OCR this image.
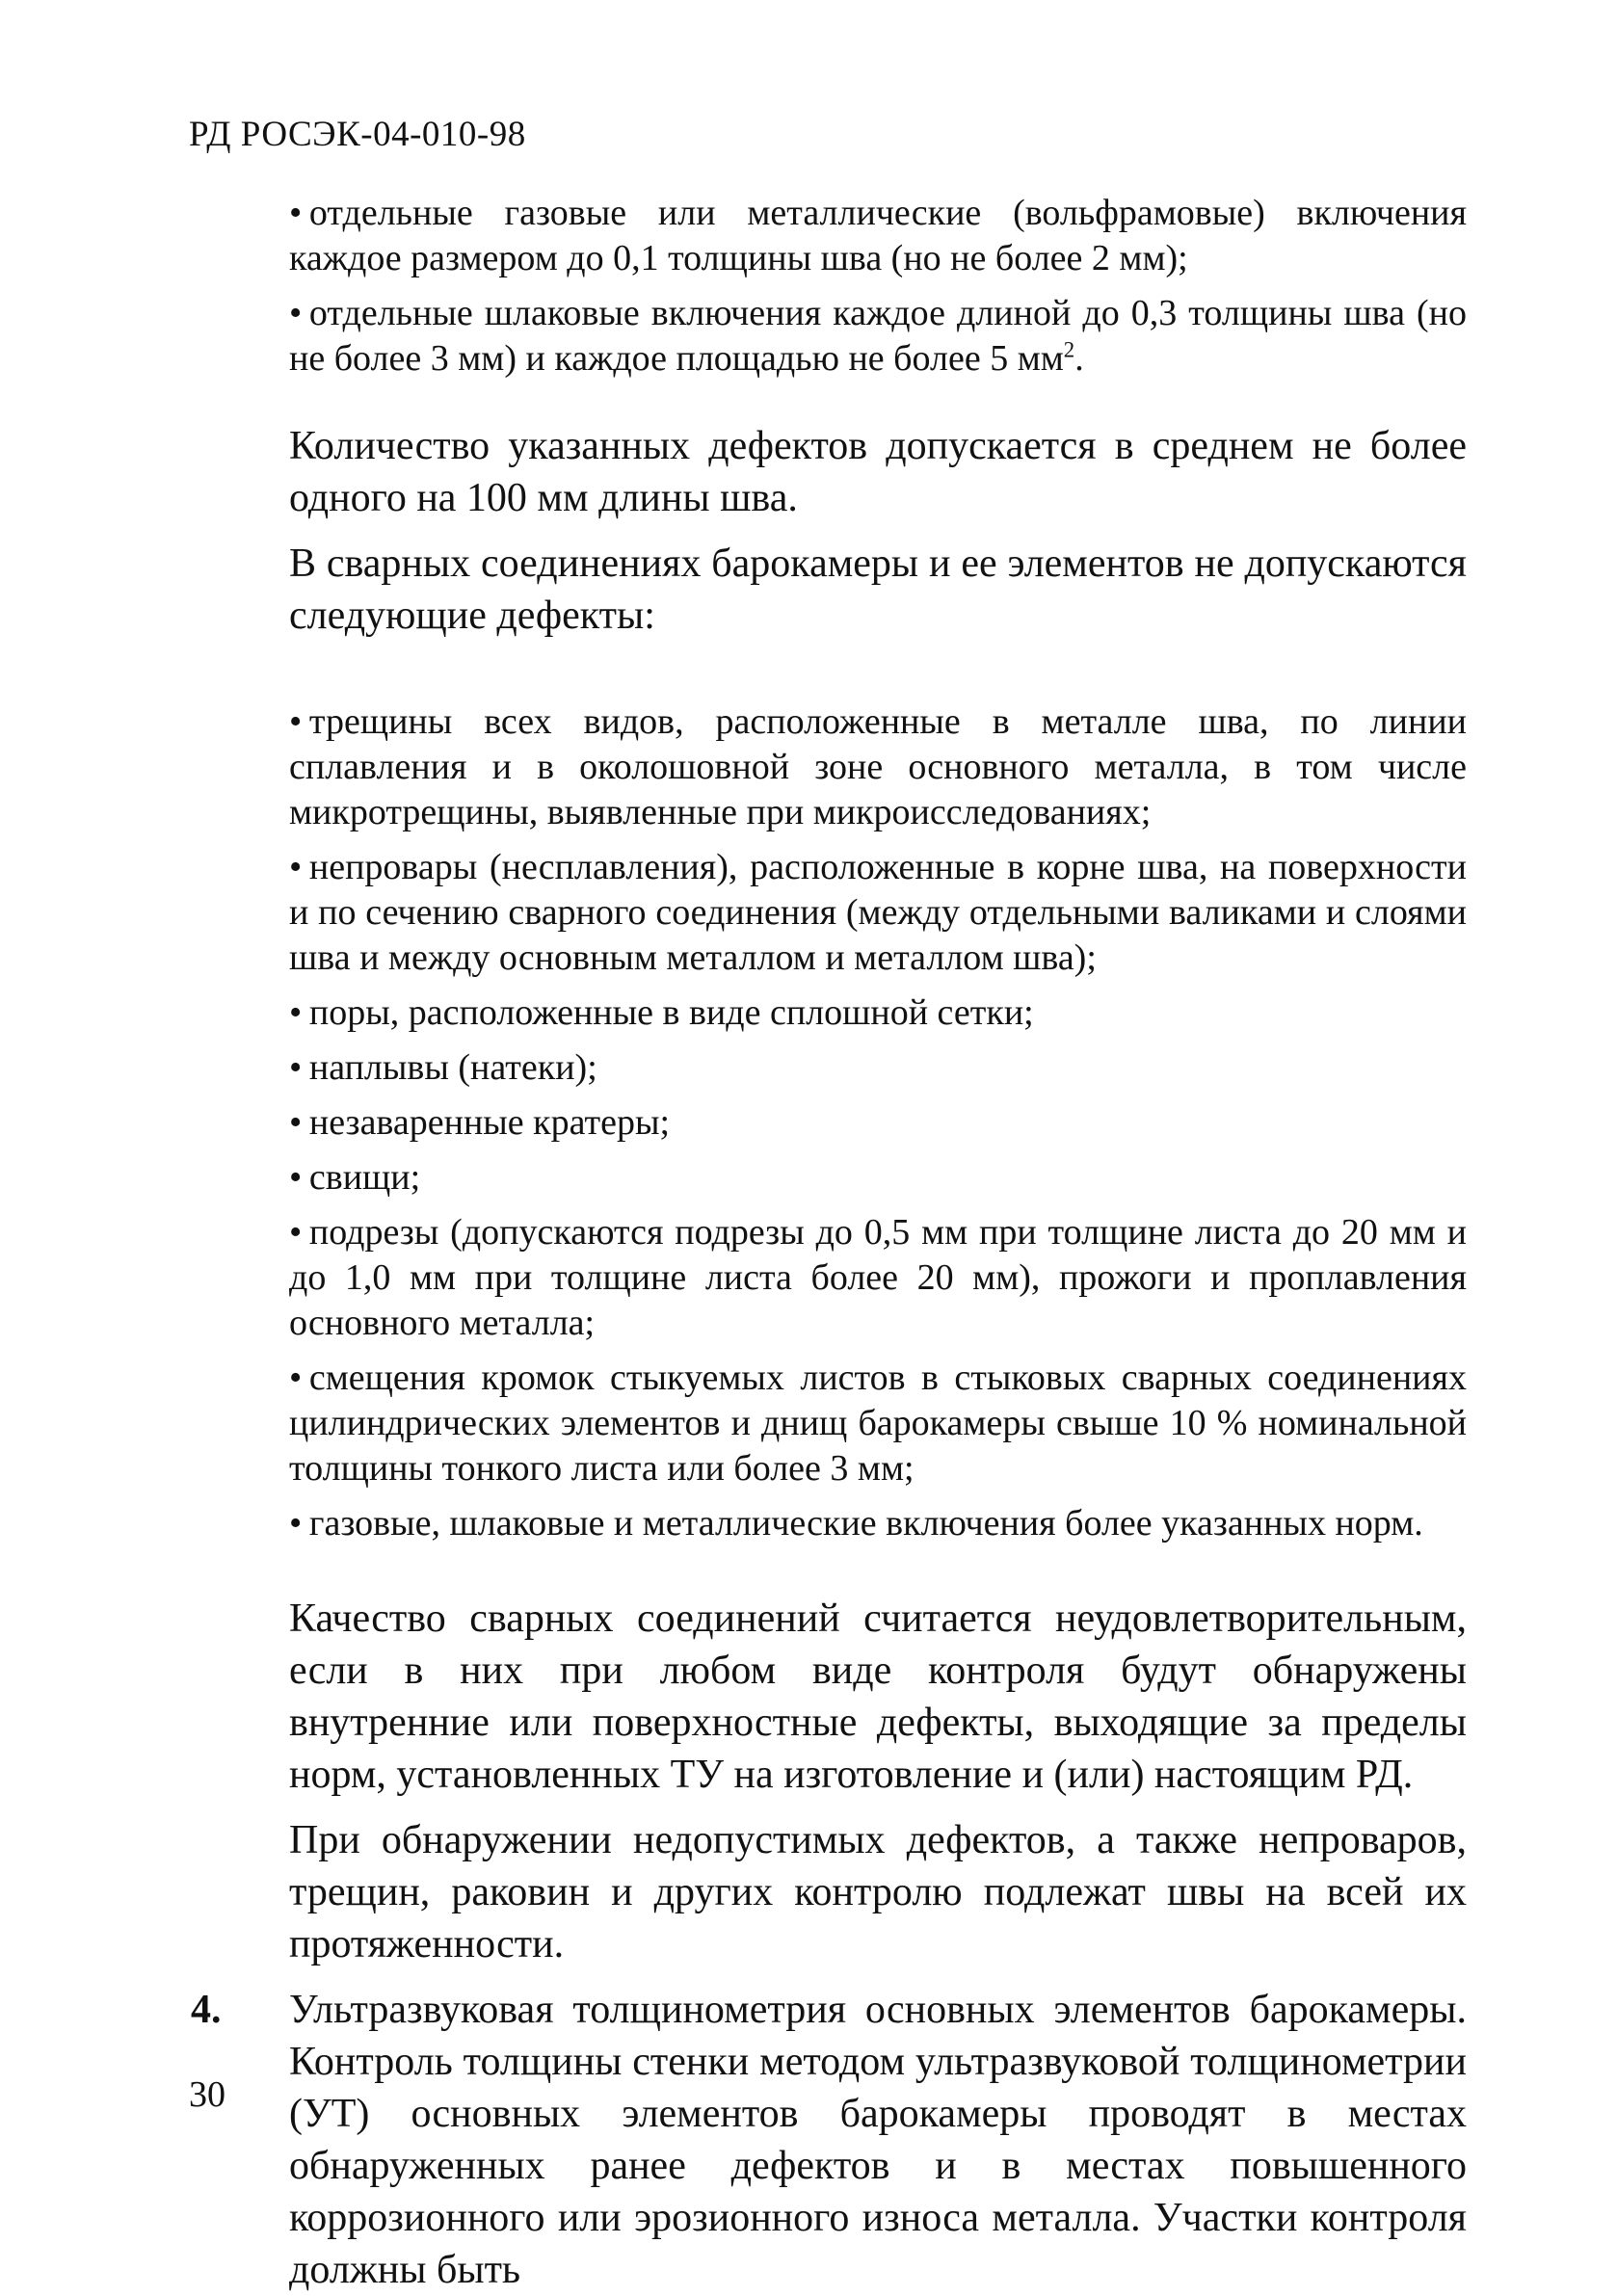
РД РОСЭК-04-010-98

• отдельные газовые или металлические (вольфрамовые) включения каждое размером до 0,1 толщины шва (но не более 2 мм);

• отдельные шлаковые включения каждое длиной до 0,3 толщины шва (но не более 3 мм) и каждое площадью не более 5 $мм^2$.

Количество указанных дефектов допускается в среднем не более одного на 100 мм длины шва.

В сварных соединениях барокамеры и ее элементов не допускаются следующие дефекты:

• трещины всех видов, расположенные в металле шва, по линии сплавления и в околошовной зоне основного металла, в том числе микротрещины, выявленные при микроисследованиях;

• непровары (несплавления), расположенные в корне шва, на поверхности и по сечению сварного соединения (между отдельными валиками и слоями шва и между основным металлом и металлом шва);

• поры, расположенные в виде сплошной сетки;

• наплывы (натеки);

• незаваренные кратеры;

• свищи;

• подрезы (допускаются подрезы до 0,5 мм при толщине листа до 20 мм и до 1,0 мм при толщине листа более 20 мм), прожоги и проплавления основного металла;

• смещения кромок стыкуемых листов в стыковых сварных соединениях цилиндрических элементов и днищ барокамеры свыше 10 % номинальной толщины тонкого листа или более 3 мм;

• газовые, шлаковые и металлические включения более указанных норм.

Качество сварных соединений считается неудовлетворительным, если в них при любом виде контроля будут обнаружены внутренние или поверхностные дефекты, выходящие за пределы норм, установленных ТУ на изготовление и (или) настоящим РД.

При обнаружении недопустимых дефектов, а также непроваров, трещин, раковин и других контролю подлежат швы на всей их протяженности.

4. Ультразвуковая толщинометрия основных элементов барокамеры. Контроль толщины стенки методом ультразвуковой толщинометрии (УТ) основных элементов барокамеры проводят в местах обнаруженных ранее дефектов и в местах повышенного коррозионного или эрозионного износа металла. Участки контроля должны быть

30
